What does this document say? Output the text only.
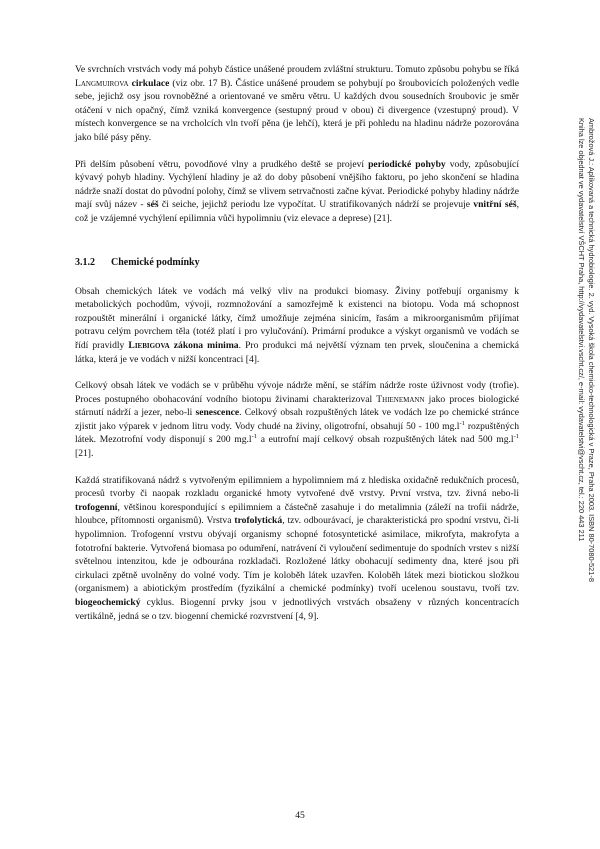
Ve svrchních vrstvách vody má pohyb částice unášené proudem zvláštní strukturu. Tomuto způsobu pohybu se říká Langmuirova cirkulace (viz obr. 17 B). Částice unášené proudem se pohybují po šroubovicích položených vedle sebe, jejichž osy jsou rovnoběžné a orientované ve směru větru. U každých dvou sousedních šroubovic je směr otáčení v nich opačný, čímž vzniká konvergence (sestupný proud v obou) či divergence (vzestupný proud). V místech konvergence se na vrcholcích vln tvoří pěna (je lehčí), která je při pohledu na hladinu nádrže pozorována jako bílé pásy pěny.

Při delším působení větru, povodňové vlny a prudkého deště se projeví periodické pohyby vody, způsobující kývavý pohyb hladiny. Vychýlení hladiny je až do doby působení vnějšího faktoru, po jeho skončení se hladina nádrže snaží dostat do původní polohy, čímž se vlivem setrvačnosti začne kývat. Periodické pohyby hladiny nádrže mají svůj název - séš či seiche, jejichž periodu lze vypočítat. U stratifikovaných nádrží se projevuje vnitřní séš, což je vzájemné vychýlení epilimnia vůči hypolimniu (viz elevace a deprese) [21].

3.1.2 Chemické podmínky

Obsah chemických látek ve vodách má velký vliv na produkci biomasy. Živiny potřebují organismy k metabolických pochodům, vývoji, rozmnožování a samozřejmě k existenci na biotopu. Voda má schopnost rozpouštět minerální i organické látky, čímž umožňuje zejména sinicím, řasám a mikroorganismům přijímat potravu celým povrchem těla (totéž platí i pro vylučování). Primární produkce a výskyt organismů ve vodách se řídí pravidly Liebigova zákona minima. Pro produkci má největší význam ten prvek, sloučenina a chemická látka, která je ve vodách v nižší koncentraci [4].

Celkový obsah látek ve vodách se v průběhu vývoje nádrže mění, se stářím nádrže roste úživnost vody (trofie). Proces postupného obohacování vodního biotopu živinami charakterizoval Thienemann jako proces biologické stárnutí nádrží a jezer, nebo-li senescence. Celkový obsah rozpuštěných látek ve vodách lze po chemické stránce zjistit jako výparek v jednom litru vody. Vody chudé na živiny, oligotrofní, obsahují 50 - 100 $mg.l^{-1}$ rozpuštěných látek. Mezotrofní vody disponují s 200 $mg.l^{-1}$ a eutrofní mají celkový obsah rozpuštěných látek nad 500 $mg.l^{-1}$ [21].

Každá stratifikovaná nádrž s vytvořeným epilimniem a hypolimniem má z hlediska oxidačně redukčních procesů, procesů tvorby či naopak rozkladu organické hmoty vytvořené dvě vrstvy. První vrstva, tzv. živná nebo-li trofogenní, většinou korespondující s epilimniem a částečně zasahuje i do metalimnia (záleží na trofii nádrže, hloubce, přítomnosti organismů). Vrstva trofolytická, tzv. odbourávací, je charakteristická pro spodní vrstvu, či-li hypolimnion. Trofogenní vrstvu obývají organismy schopné fotosyntetické asimilace, mikrofyta, makrofyta a fototrofní bakterie. Vytvořená biomasa po odumření, natrávení či vyloučení sedimentuje do spodních vrstev s nižší světelnou intenzitou, kde je odbourána rozkladači. Rozložené látky obohacují sedimenty dna, které jsou při cirkulaci zpětně uvolněny do volné vody. Tím je koloběh látek uzavřen. Koloběh látek mezi biotickou složkou (organismem) a abiotickým prostředím (fyzikální a chemické podmínky) tvoří ucelenou soustavu, tvoří tzv. biogeochemický cyklus. Biogenní prvky jsou v jednotlivých vrstvách obsaženy v různých koncentracích vertikálně, jedná se o tzv. biogenní chemické rozvrstvení [4, 9].

45
Ambrožová J.: Aplikovaná a technická hydrobiologie. 2. vyd. Vysoká škola chemicko-technologická v Praze, Praha 2003. ISBN 80-7080-521-8
Kniha lze objednat ve vydavatelství VŠCHT Praha, http://vydavatelstvi.vscht.cz/, e-mail: vydavatelstvi@vscht.cz, tel.: 220 443 211
